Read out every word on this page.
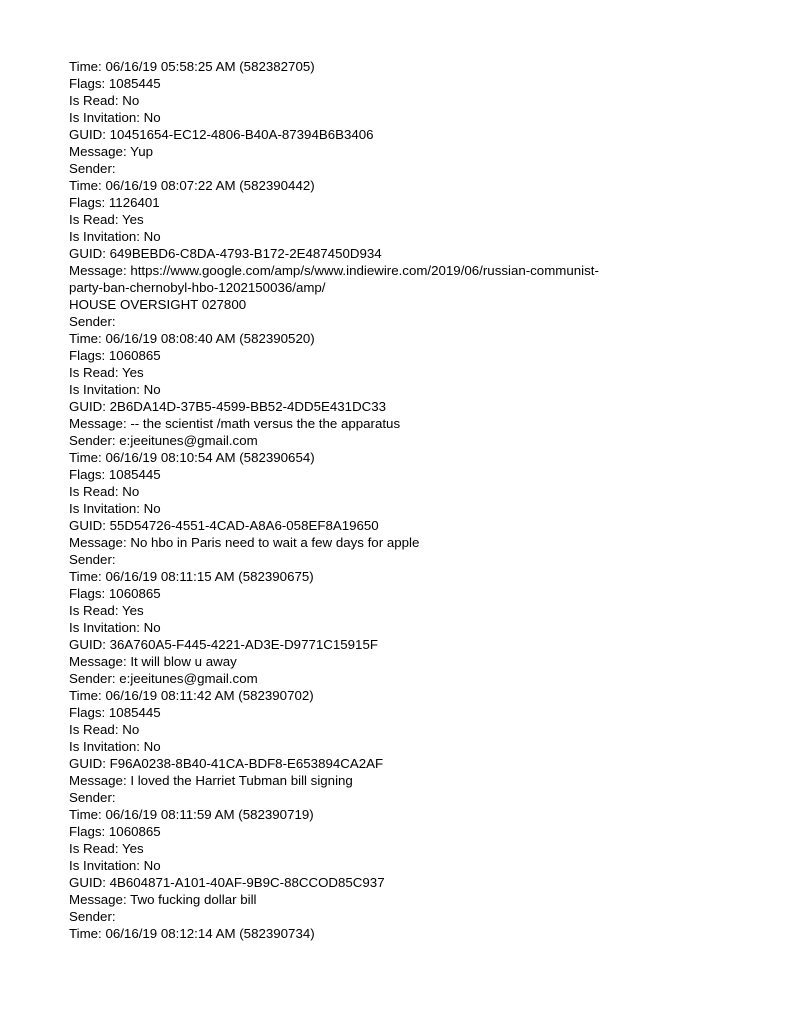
Time: 06/16/19 05:58:25 AM (582382705)

Flags: 1085445

Is Read: No

Is Invitation: No

GUID: 10451654-EC12-4806-B40A-87394B6B3406

Message: Yup

Sender:

Time: 06/16/19 08:07:22 AM (582390442)

Flags: 1126401

Is Read: Yes

Is Invitation: No

GUID: 649BEBD6-C8DA-4793-B172-2E487450D934

Message: https://www.google.com/amp/s/www.indiewire.com/2019/06/russian-communist-

party-ban-chernobyl-hbo-1202150036/amp/

HOUSE OVERSIGHT 027800

Sender:

Time: 06/16/19 08:08:40 AM (582390520)

Flags: 1060865

Is Read: Yes

Is Invitation: No

GUID: 2B6DA14D-37B5-4599-BB52-4DD5E431DC33

Message: -- the scientist /math versus the the apparatus

Sender: e:jeeitunes@gmail.com

Time: 06/16/19 08:10:54 AM (582390654)

Flags: 1085445

Is Read: No

Is Invitation: No

GUID: 55D54726-4551-4CAD-A8A6-058EF8A19650

Message: No hbo in Paris need to wait a few days for apple

Sender:

Time: 06/16/19 08:11:15 AM (582390675)

Flags: 1060865

Is Read: Yes

Is Invitation: No

GUID: 36A760A5-F445-4221-AD3E-D9771C15915F

Message: It will blow u away

Sender: e:jeeitunes@gmail.com

Time: 06/16/19 08:11:42 AM (582390702)

Flags: 1085445

Is Read: No

Is Invitation: No

GUID: F96A0238-8B40-41CA-BDF8-E653894CA2AF

Message: I loved the Harriet Tubman bill signing

Sender:

Time: 06/16/19 08:11:59 AM (582390719)

Flags: 1060865

Is Read: Yes

Is Invitation: No

GUID: 4B604871-A101-40AF-9B9C-88CCOD85C937

Message: Two fucking dollar bill

Sender:

Time: 06/16/19 08:12:14 AM (582390734)
